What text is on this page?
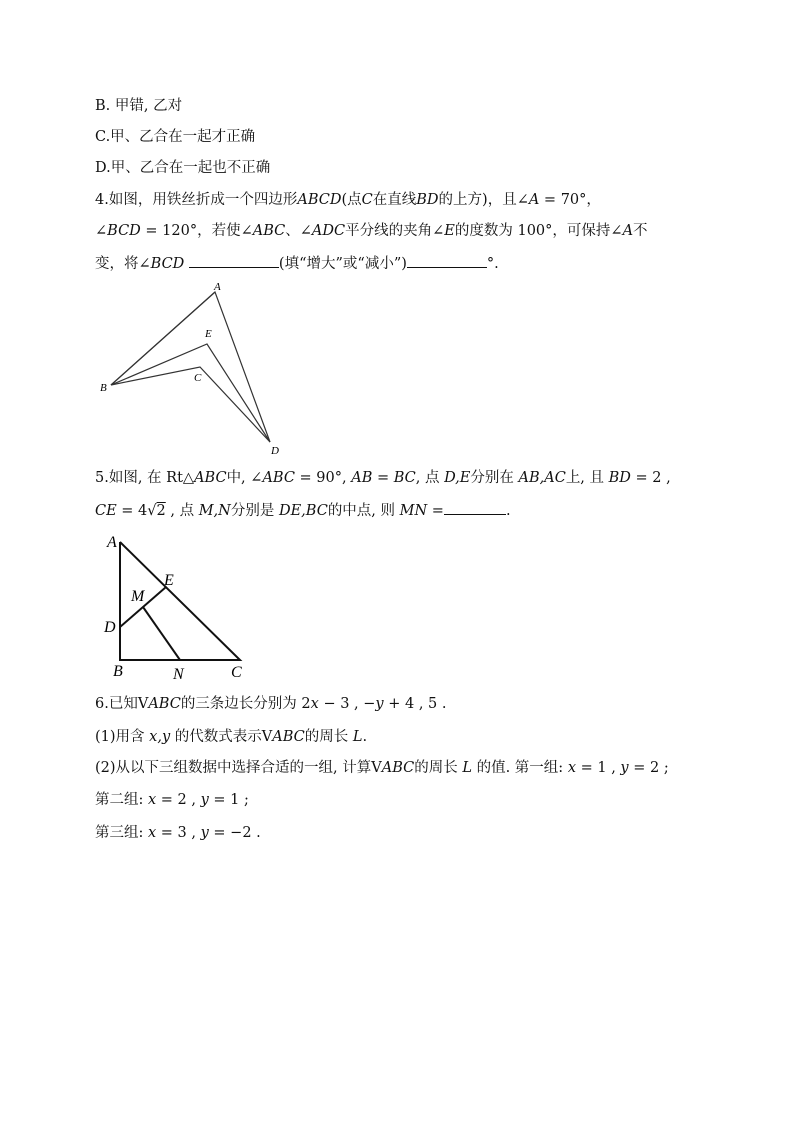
B. 甲错, 乙对
C.甲、乙合在一起才正确
D.甲、乙合在一起也不正确
4.如图，用铁丝折成一个四边形ABCD(点C在直线BD的上方)，且∠A = 70°，
∠BCD = 120°，若使∠ABC、∠ADC平分线的夹角∠E的度数为 100°，可保持∠A不
变，将∠BCD	(填“增大”或“减小”)	°.
A
E
C
B
D
5.如图, 在 Rt△ABC中, ∠ABC = 90°, AB = BC, 点 D,E分别在 AB,AC上, 且 BD = 2 ,
CE = 4√2 , 点 M,N分别是 DE,BC的中点, 则 MN =	.
A
E
M
D
B	N	C
6.已知VABC的三条边长分别为 2x − 3 , −y + 4 , 5 .
(1)用含 x,y 的代数式表示VABC的周长 L.
(2)从以下三组数据中选择合适的一组, 计算VABC的周长 L 的值. 第一组: x = 1 , y = 2 ;
第二组: x = 2 , y = 1 ;
第三组: x = 3 , y = −2 .
